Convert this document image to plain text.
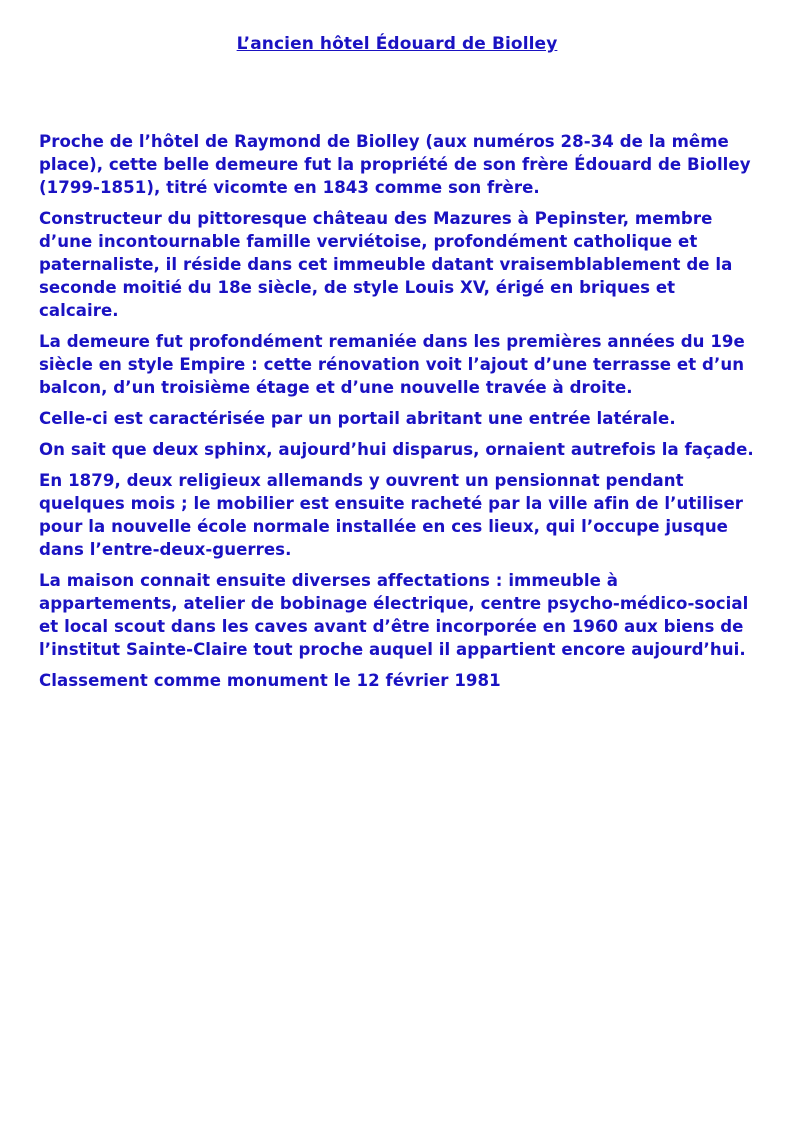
L’ancien hôtel Édouard de Biolley

Proche de l’hôtel de Raymond de Biolley (aux numéros 28-34 de la même place), cette belle demeure fut la propriété de son frère Édouard de Biolley (1799-1851), titré vicomte en 1843 comme son frère.

Constructeur du pittoresque château des Mazures à Pepinster, membre d’une incontournable famille verviétoise, profondément catholique et paternaliste, il réside dans cet immeuble datant vraisemblablement de la seconde moitié du 18e siècle, de style Louis XV, érigé en briques et calcaire.

La demeure fut profondément remaniée dans les premières années du 19e siècle en style Empire : cette rénovation voit l’ajout d’une terrasse et d’un balcon, d’un troisième étage et d’une nouvelle travée à droite.

Celle-ci est caractérisée par un portail abritant une entrée latérale.

On sait que deux sphinx, aujourd’hui disparus, ornaient autrefois la façade.

En 1879, deux religieux allemands y ouvrent un pensionnat pendant quelques mois ; le mobilier est ensuite racheté par la ville afin de l’utiliser pour la nouvelle école normale installée en ces lieux, qui l’occupe jusque dans l’entre-deux-guerres.

La maison connait ensuite diverses affectations : immeuble à appartements, atelier de bobinage électrique, centre psycho-médico-social et local scout dans les caves avant d’être incorporée en 1960 aux biens de l’institut Sainte-Claire tout proche auquel il appartient encore aujourd’hui.

Classement comme monument le 12 février 1981
